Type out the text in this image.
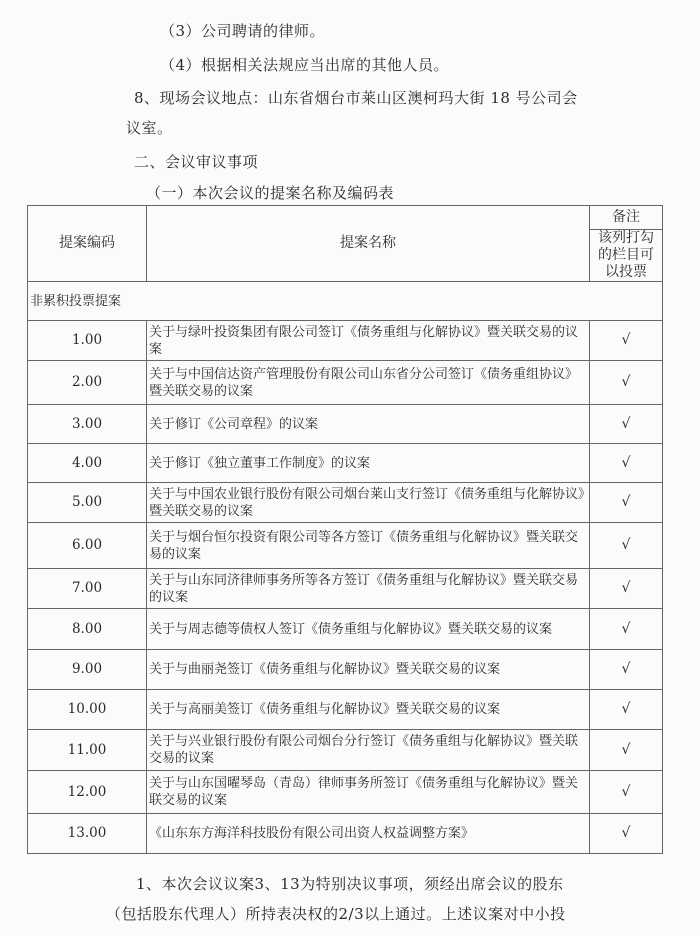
（3）公司聘请的律师。
（4）根据相关法规应当出席的其他人员。
8、现场会议地点：山东省烟台市莱山区澳柯玛大街 18 号公司会
议室。
二、会议审议事项
（一）本次会议的提案名称及编码表
提案编码	提案名称	备注
		该列打勾的栏目可以投票
非累积投票提案		
1.00	关于与绿叶投资集团有限公司签订《债务重组与化解协议》暨关联交易的议案	√
2.00	关于与中国信达资产管理股份有限公司山东省分公司签订《债务重组协议》暨关联交易的议案	√
3.00	关于修订《公司章程》的议案	√
4.00	关于修订《独立董事工作制度》的议案	√
5.00	关于与中国农业银行股份有限公司烟台莱山支行签订《债务重组与化解协议》暨关联交易的议案	√
6.00	关于与烟台恒尔投资有限公司等各方签订《债务重组与化解协议》暨关联交易的议案	√
7.00	关于与山东同济律师事务所等各方签订《债务重组与化解协议》暨关联交易的议案	√
8.00	关于与周志德等债权人签订《债务重组与化解协议》暨关联交易的议案	√
9.00	关于与曲丽尧签订《债务重组与化解协议》暨关联交易的议案	√
10.00	关于与高丽美签订《债务重组与化解协议》暨关联交易的议案	√
11.00	关于与兴业银行股份有限公司烟台分行签订《债务重组与化解协议》暨关联交易的议案	√
12.00	关于与山东国曜琴岛（青岛）律师事务所签订《债务重组与化解协议》暨关联交易的议案	√
13.00	《山东东方海洋科技股份有限公司出资人权益调整方案》	√
1、本次会议议案3、13为特别决议事项，须经出席会议的股东
（包括股东代理人）所持表决权的2/3以上通过。上述议案对中小投
